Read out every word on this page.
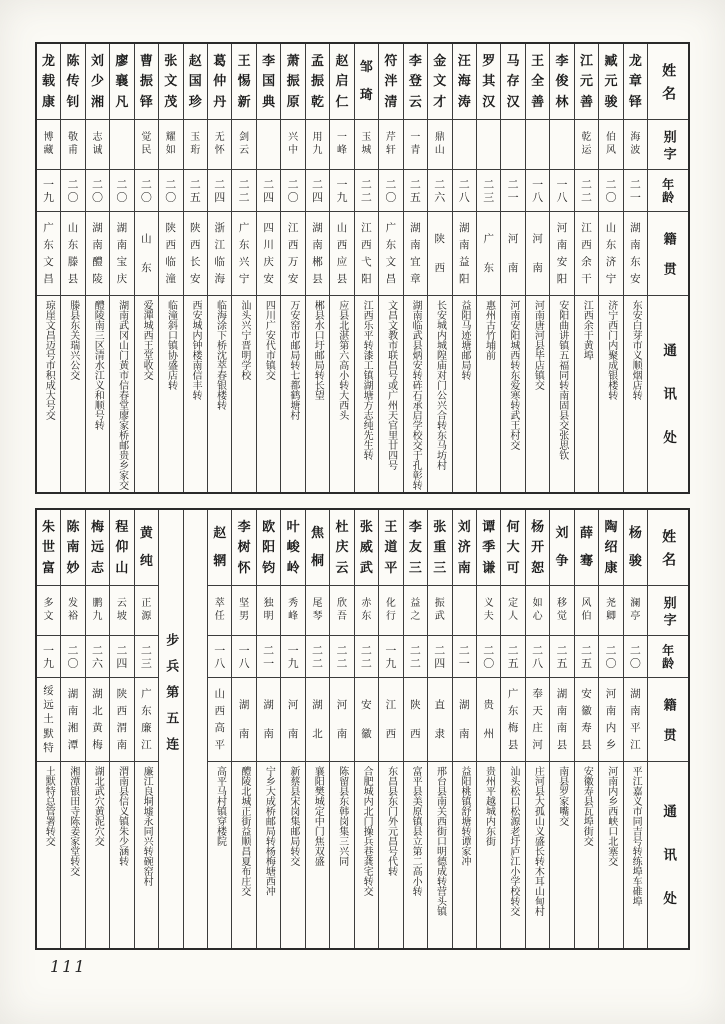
姓名
别字
年龄
籍贯
通讯处
龙
章
铎
海
波
二
一
湖
南
东
安
东安白芽市义顺烟店转
臧
元
骏
伯
风
二
〇
山
东
济
宁
济宁西门内聚成银楼转
江
元
善
乾
运
二
二
江
西
余
干
江西余干黄埠
李
俊
林
一
八
河
南
安
阳
安阳曲讲镇五福同转南固县交张思钦
王
全
善
一
八
河
南
河南唐河县毕店镇交
马
存
汉
二
一
河
南
河南安阳城西转东爱寒转武王村交
罗
其
汉
二
三
广
东
惠州古竹埔前
汪
海
涛
二
八
湖
南
益
阳
益阳马迹塘邮局转
金
文
才
鼎
山
二
六
陕
西
长安城内城隍庙对门公兴合转东马坊村
李
登
云
一
青
二
五
湖
南
宜
章
湖南临武县炳安转砗石承启学校交于孔彰转
符
泮
清
芹
轩
二
〇
广
东
文
昌
文昌文教市联昌号或广州天官里廿四号
邹
琦
玉
城
二
二
江
西
弋
阳
江西乐平转漆工镇湖塘方志纯先生转
赵
启
仁
一
峰
一
九
山
西
应
县
应县北湛第六高小转大西头
孟
振
乾
用
九
二
四
湖
南
郴
县
郴县水口圩邮局转长望
萧
振
原
兴
中
二
〇
江
西
万
安
万安窑市邮局转七都鹤塘村
李
国
典
二
四
四
川
庆
安
四川广安代市镇交
王
惕
新
剑
云
二
二
广
东
兴
宁
汕头兴宁晋明学校
葛
仲
丹
无
怀
二
四
浙
江
临
海
临海涂下桥沈萃春银楼转
赵
国
珍
玉
珩
二
五
陕
西
长
安
西安城内钟楼南信丰转
张
文
茂
耀
如
二
〇
陕
西
临
潼
临潼斜口镇协盛店转
曹
振
铎
觉
民
二
〇
山
东
爱潬城西王堂收交
廖
襄
凡
二
〇
湖
南
宝
庆
湖南武冈山门黄市信春堂廖家桥邮贵乡家交
刘
少
湘
志
诚
二
〇
湖
南
醴
陵
醴陵南三区清水江义和顺号转
陈
传
钊
敬
甫
二
〇
山
东
滕
县
滕县东关瑞兴公交
龙
载
康
博
藏
一
九
广
东
文
昌
琼崖文昌迈号市积成大号交
姓名
别字
年龄
籍贯
通讯处
杨
骏
澜
亭
二
〇
湖
南
平
江
平江嘉义市同吉号转练埠车碓埠
陶
绍
康
尧
卿
二
〇
河
南
内
乡
河南内乡西峡口北塞交
薛
骞
风
伯
二
五
安
徽
寿
县
安徽寿县瓦埠街交
刘
争
移
觉
二
五
湖
南
南
县
南县罗家嘴交
杨
开
恕
如
心
二
八
奉
天
庄
河
庄河县大孤山义盛长转木耳山甸村
何
大
可
定
人
二
五
广
东
梅
县
汕头松口松源老圩庐江小学校转交
谭
季
谦
义
夫
二
〇
贵
州
贵州平越城内东街
刘
济
南
二
一
湖
南
益阳桃镇舒塘转谭家冲
张
重
三
振
武
二
四
直
隶
邢台县南关西街口明德成转营头镇
李
友
三
益
之
二
二
陕
西
富平县美原镇县立第二高小转
王
道
平
化
行
一
九
江
西
东昌县东门外元昌号代转
张
威
武
赤
东
二
二
安
徽
合肥城内北门操兵巷龚宅转交
杜
庆
云
欣
吾
二
二
河
南
陈留县东韩岗集三兴同
焦
桐
尾
琴
二
二
湖
北
襄阳樊城定中门焦双盛
叶
峻
岭
秀
峰
一
九
河
南
新蔡县宋岗集邮局转交
欧
阳
钧
独
明
二
一
湖
南
宁乡大成桥邮局转杨梅塘西冲
李
树
怀
坚
男
一
八
湖
南
醴陵北城正街益顺昌夏布庄交
赵
辋
萃
任
一
八
山
西
高
平
高平马村镇穿楼院
步兵第五连
黄
纯
正
源
二
三
广
东
廉
江
廉江良垌墟永同兴转碗窑村
程
仰
山
云
坡
二
四
陕
西
渭
南
渭南县信义镇朱少涵转
梅
远
志
鹏
九
二
六
湖
北
黄
梅
湖北武穴黄泥穴交
陈
南
妙
发
裕
二
〇
湖
南
湘
潭
湘潭银田寺陈姜家堂转交
朱
世
富
多
文
一
九
绥
远
土
默
特
土默特总管署转交
111
